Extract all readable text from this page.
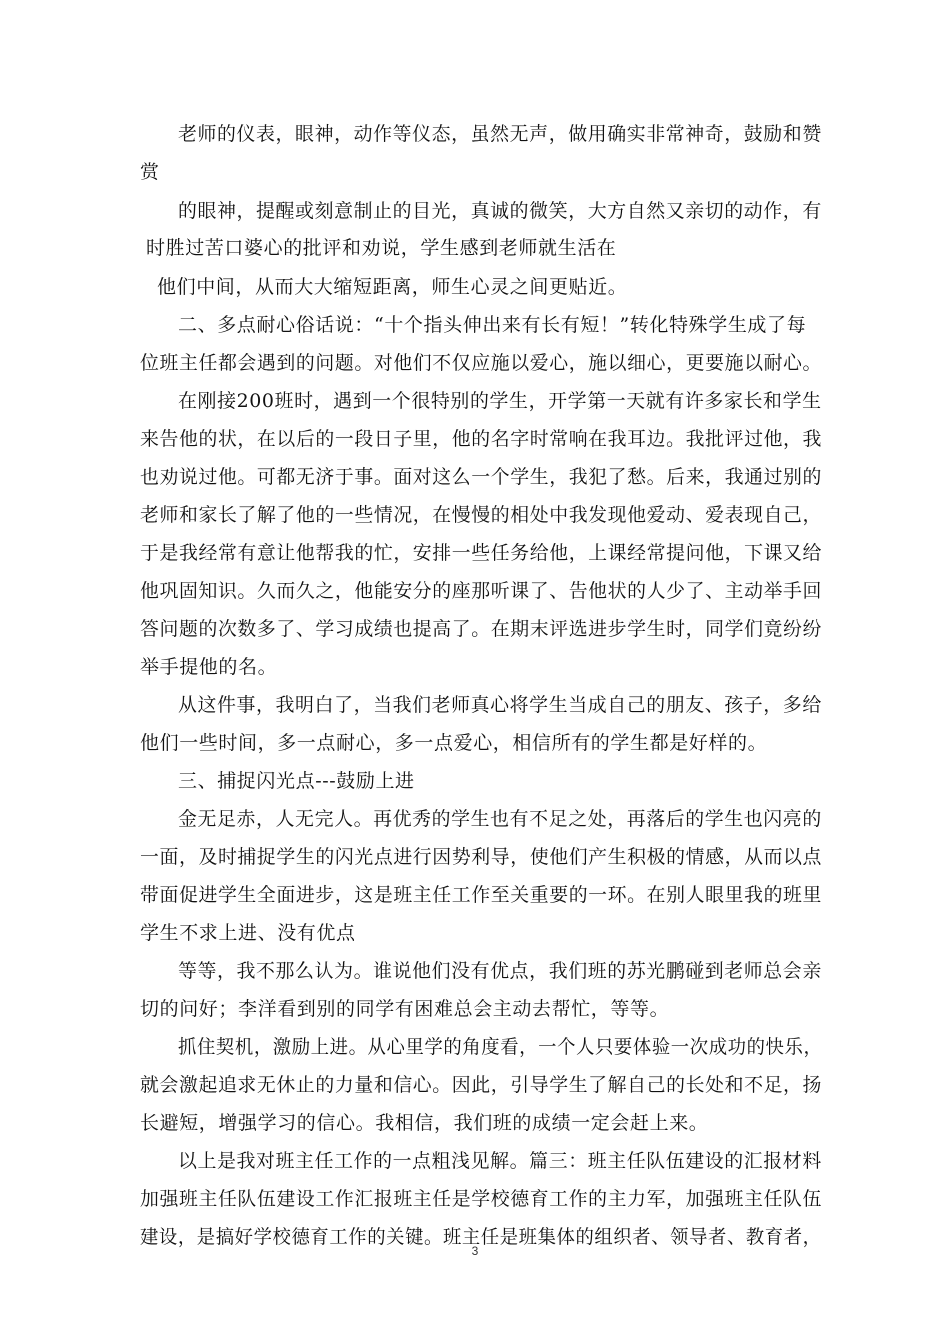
老师的仪表，眼神，动作等仪态，虽然无声，做用确实非常神奇，鼓励和赞
赏
的眼神，提醒或刻意制止的目光，真诚的微笑，大方自然又亲切的动作，有
时胜过苦口婆心的批评和劝说，学生感到老师就生活在
他们中间，从而大大缩短距离，师生心灵之间更贴近。
二、多点耐心俗话说：“十个指头伸出来有长有短！”转化特殊学生成了每
位班主任都会遇到的问题。对他们不仅应施以爱心，施以细心，更要施以耐心。
在刚接200班时，遇到一个很特别的学生，开学第一天就有许多家长和学生
来告他的状，在以后的一段日子里，他的名字时常响在我耳边。我批评过他，我
也劝说过他。可都无济于事。面对这么一个学生，我犯了愁。后来，我通过别的
老师和家长了解了他的一些情况，在慢慢的相处中我发现他爱动、爱表现自己，
于是我经常有意让他帮我的忙，安排一些任务给他，上课经常提问他，下课又给
他巩固知识。久而久之，他能安分的座那听课了、告他状的人少了、主动举手回
答问题的次数多了、学习成绩也提高了。在期末评选进步学生时，同学们竟纷纷
举手提他的名。
从这件事，我明白了，当我们老师真心将学生当成自己的朋友、孩子，多给
他们一些时间，多一点耐心，多一点爱心，相信所有的学生都是好样的。
三、捕捉闪光点---鼓励上进
金无足赤，人无完人。再优秀的学生也有不足之处，再落后的学生也闪亮的
一面，及时捕捉学生的闪光点进行因势利导，使他们产生积极的情感，从而以点
带面促进学生全面进步，这是班主任工作至关重要的一环。在别人眼里我的班里
学生不求上进、没有优点
等等，我不那么认为。谁说他们没有优点，我们班的苏光鹏碰到老师总会亲
切的问好；李洋看到别的同学有困难总会主动去帮忙，等等。
抓住契机，激励上进。从心里学的角度看，一个人只要体验一次成功的快乐，
就会激起追求无休止的力量和信心。因此，引导学生了解自己的长处和不足，扬
长避短，增强学习的信心。我相信，我们班的成绩一定会赶上来。
以上是我对班主任工作的一点粗浅见解。篇三：班主任队伍建设的汇报材料
加强班主任队伍建设工作汇报班主任是学校德育工作的主力军，加强班主任队伍
建设，是搞好学校德育工作的关键。班主任是班集体的组织者、领导者、教育者，
3
